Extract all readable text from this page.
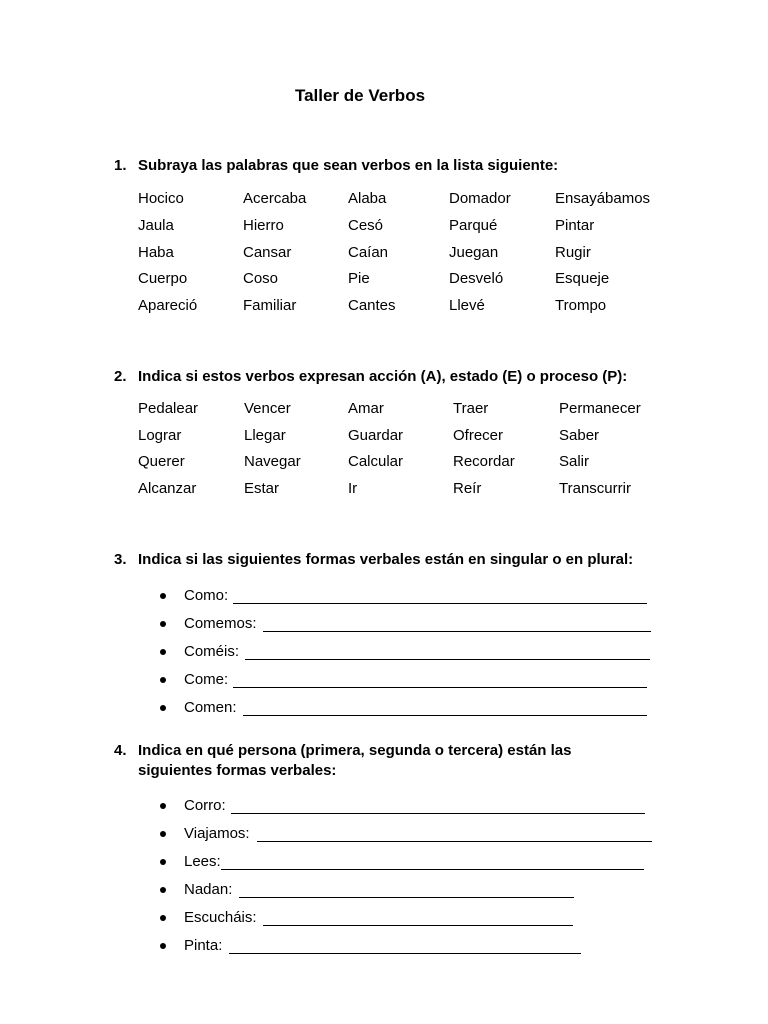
Taller de Verbos
1. Subraya las palabras que sean verbos en la lista siguiente:
Hocico	Acercaba	Alaba	Domador	Ensayábamos
Jaula	Hierro	Cesó	Parqué	Pintar
Haba	Cansar	Caían	Juegan	Rugir
Cuerpo	Coso	Pie	Desveló	Esqueje
Apareció	Familiar	Cantes	Llevé	Trompo
2. Indica si estos verbos expresan acción (A), estado (E) o proceso (P):
Pedalear	Vencer	Amar	Traer	Permanecer
Lograr	Llegar	Guardar	Ofrecer	Saber
Querer	Navegar	Calcular	Recordar	Salir
Alcanzar	Estar	Ir	Reír	Transcurrir
3. Indica si las siguientes formas verbales están en singular o en plural:
Como:
Comemos:
Coméis:
Come:
Comen:
4. Indica en qué persona (primera, segunda o tercera) están las
siguientes formas verbales:
Corro:
Viajamos:
Lees:
Nadan:
Escucháis:
Pinta:
